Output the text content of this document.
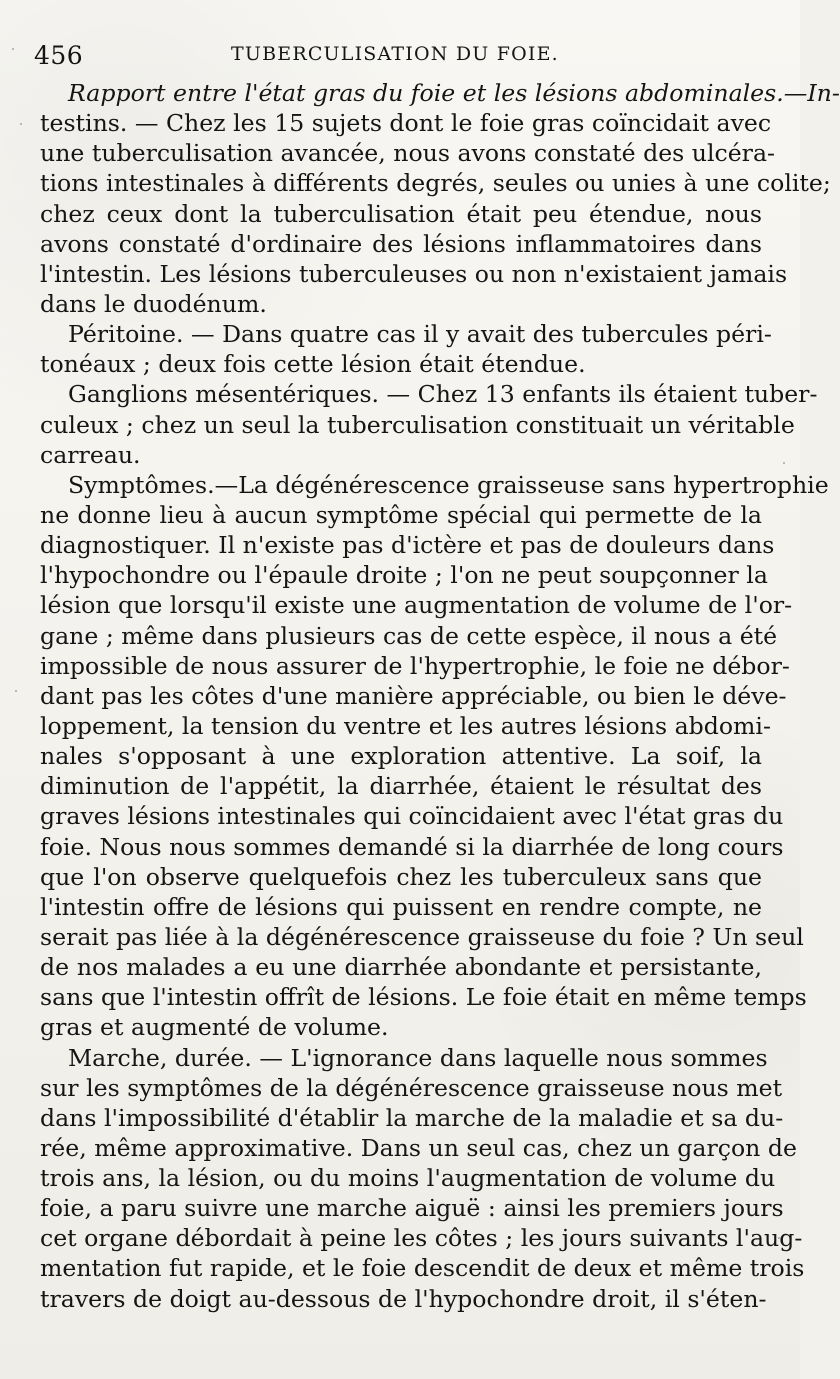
456	TUBERCULISATION DU FOIE.
Rapport entre l'état gras du foie et les lésions abdominales.—In-
testins. — Chez les 15 sujets dont le foie gras coïncidait avec
une tuberculisation avancée, nous avons constaté des ulcéra-
tions intestinales à différents degrés, seules ou unies à une colite;
chez ceux dont la tuberculisation était peu étendue, nous
avons constaté d'ordinaire des lésions inflammatoires dans
l'intestin. Les lésions tuberculeuses ou non n'existaient jamais
dans le duodénum.
Péritoine. — Dans quatre cas il y avait des tubercules péri-
tonéaux ; deux fois cette lésion était étendue.
Ganglions mésentériques. — Chez 13 enfants ils étaient tuber-
culeux ; chez un seul la tuberculisation constituait un véritable
carreau.
Symptômes.—La dégénérescence graisseuse sans hypertrophie
ne donne lieu à aucun symptôme spécial qui permette de la
diagnostiquer. Il n'existe pas d'ictère et pas de douleurs dans
l'hypochondre ou l'épaule droite ; l'on ne peut soupçonner la
lésion que lorsqu'il existe une augmentation de volume de l'or-
gane ; même dans plusieurs cas de cette espèce, il nous a été
impossible de nous assurer de l'hypertrophie, le foie ne débor-
dant pas les côtes d'une manière appréciable, ou bien le déve-
loppement, la tension du ventre et les autres lésions abdomi-
nales s'opposant à une exploration attentive. La soif, la
diminution de l'appétit, la diarrhée, étaient le résultat des
graves lésions intestinales qui coïncidaient avec l'état gras du
foie. Nous nous sommes demandé si la diarrhée de long cours
que l'on observe quelquefois chez les tuberculeux sans que
l'intestin offre de lésions qui puissent en rendre compte, ne
serait pas liée à la dégénérescence graisseuse du foie ? Un seul
de nos malades a eu une diarrhée abondante et persistante,
sans que l'intestin offrît de lésions. Le foie était en même temps
gras et augmenté de volume.
Marche, durée. — L'ignorance dans laquelle nous sommes
sur les symptômes de la dégénérescence graisseuse nous met
dans l'impossibilité d'établir la marche de la maladie et sa du-
rée, même approximative. Dans un seul cas, chez un garçon de
trois ans, la lésion, ou du moins l'augmentation de volume du
foie, a paru suivre une marche aiguë : ainsi les premiers jours
cet organe débordait à peine les côtes ; les jours suivants l'aug-
mentation fut rapide, et le foie descendit de deux et même trois
travers de doigt au-dessous de l'hypochondre droit, il s'éten-
